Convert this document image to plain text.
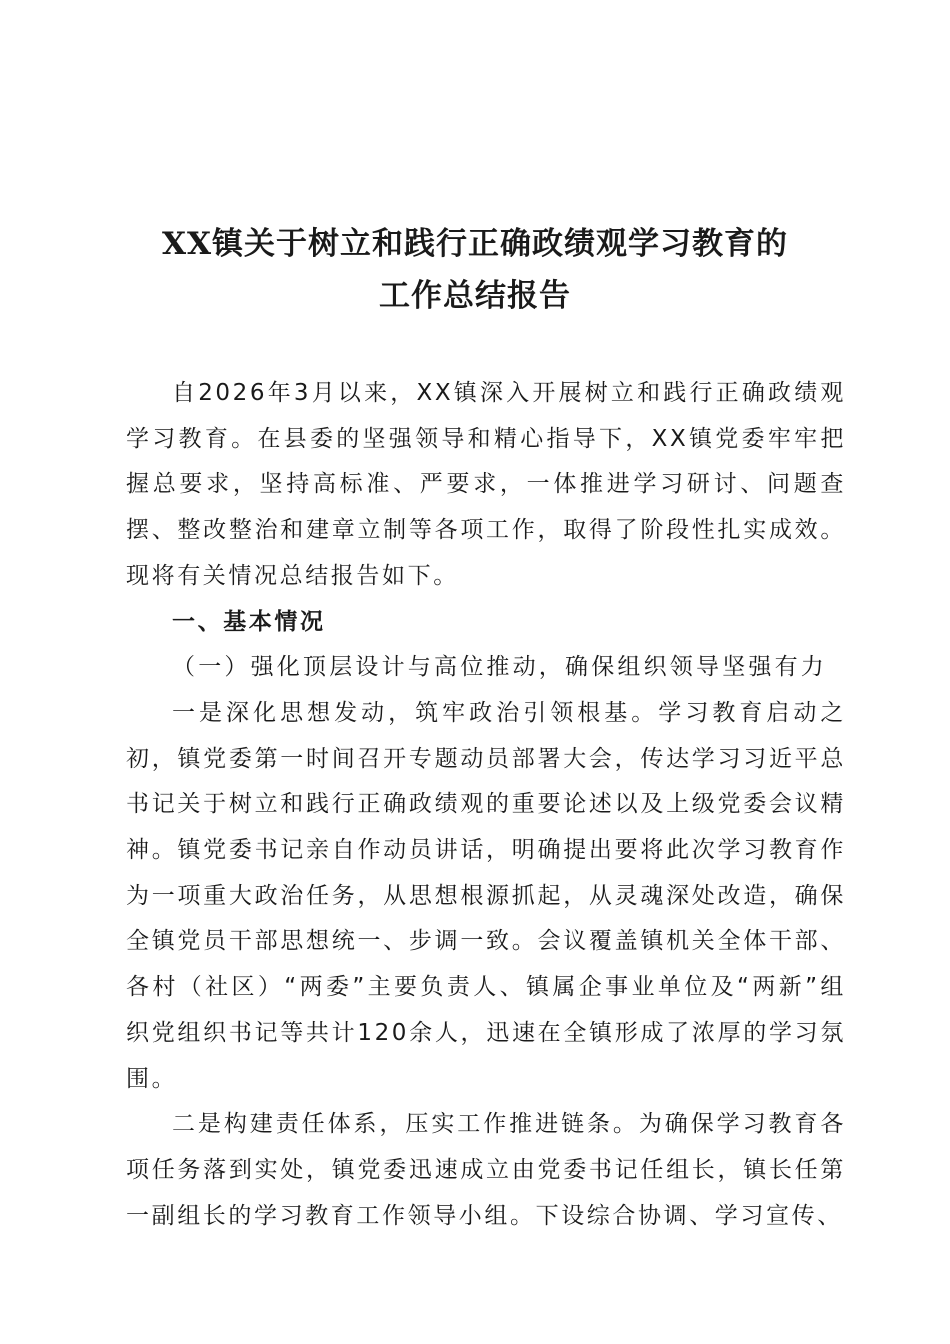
XX镇关于树立和践行正确政绩观学习教育的
工作总结报告

自2026年3月以来，XX镇深入开展树立和践行正确政绩观学习教育。在县委的坚强领导和精心指导下，XX镇党委牢牢把握总要求，坚持高标准、严要求，一体推进学习研讨、问题查摆、整改整治和建章立制等各项工作，取得了阶段性扎实成效。现将有关情况总结报告如下。

一、基本情况

（一）强化顶层设计与高位推动，确保组织领导坚强有力

一是深化思想发动，筑牢政治引领根基。学习教育启动之初，镇党委第一时间召开专题动员部署大会，传达学习习近平总书记关于树立和践行正确政绩观的重要论述以及上级党委会议精神。镇党委书记亲自作动员讲话，明确提出要将此次学习教育作为一项重大政治任务，从思想根源抓起，从灵魂深处改造，确保全镇党员干部思想统一、步调一致。会议覆盖镇机关全体干部、各村（社区）“两委”主要负责人、镇属企事业单位及“两新”组织党组织书记等共计120余人，迅速在全镇形成了浓厚的学习氛围。

二是构建责任体系，压实工作推进链条。为确保学习教育各项任务落到实处，镇党委迅速成立由党委书记任组长，镇长任第一副组长的学习教育工作领导小组。下设综合协调、学习宣传、
